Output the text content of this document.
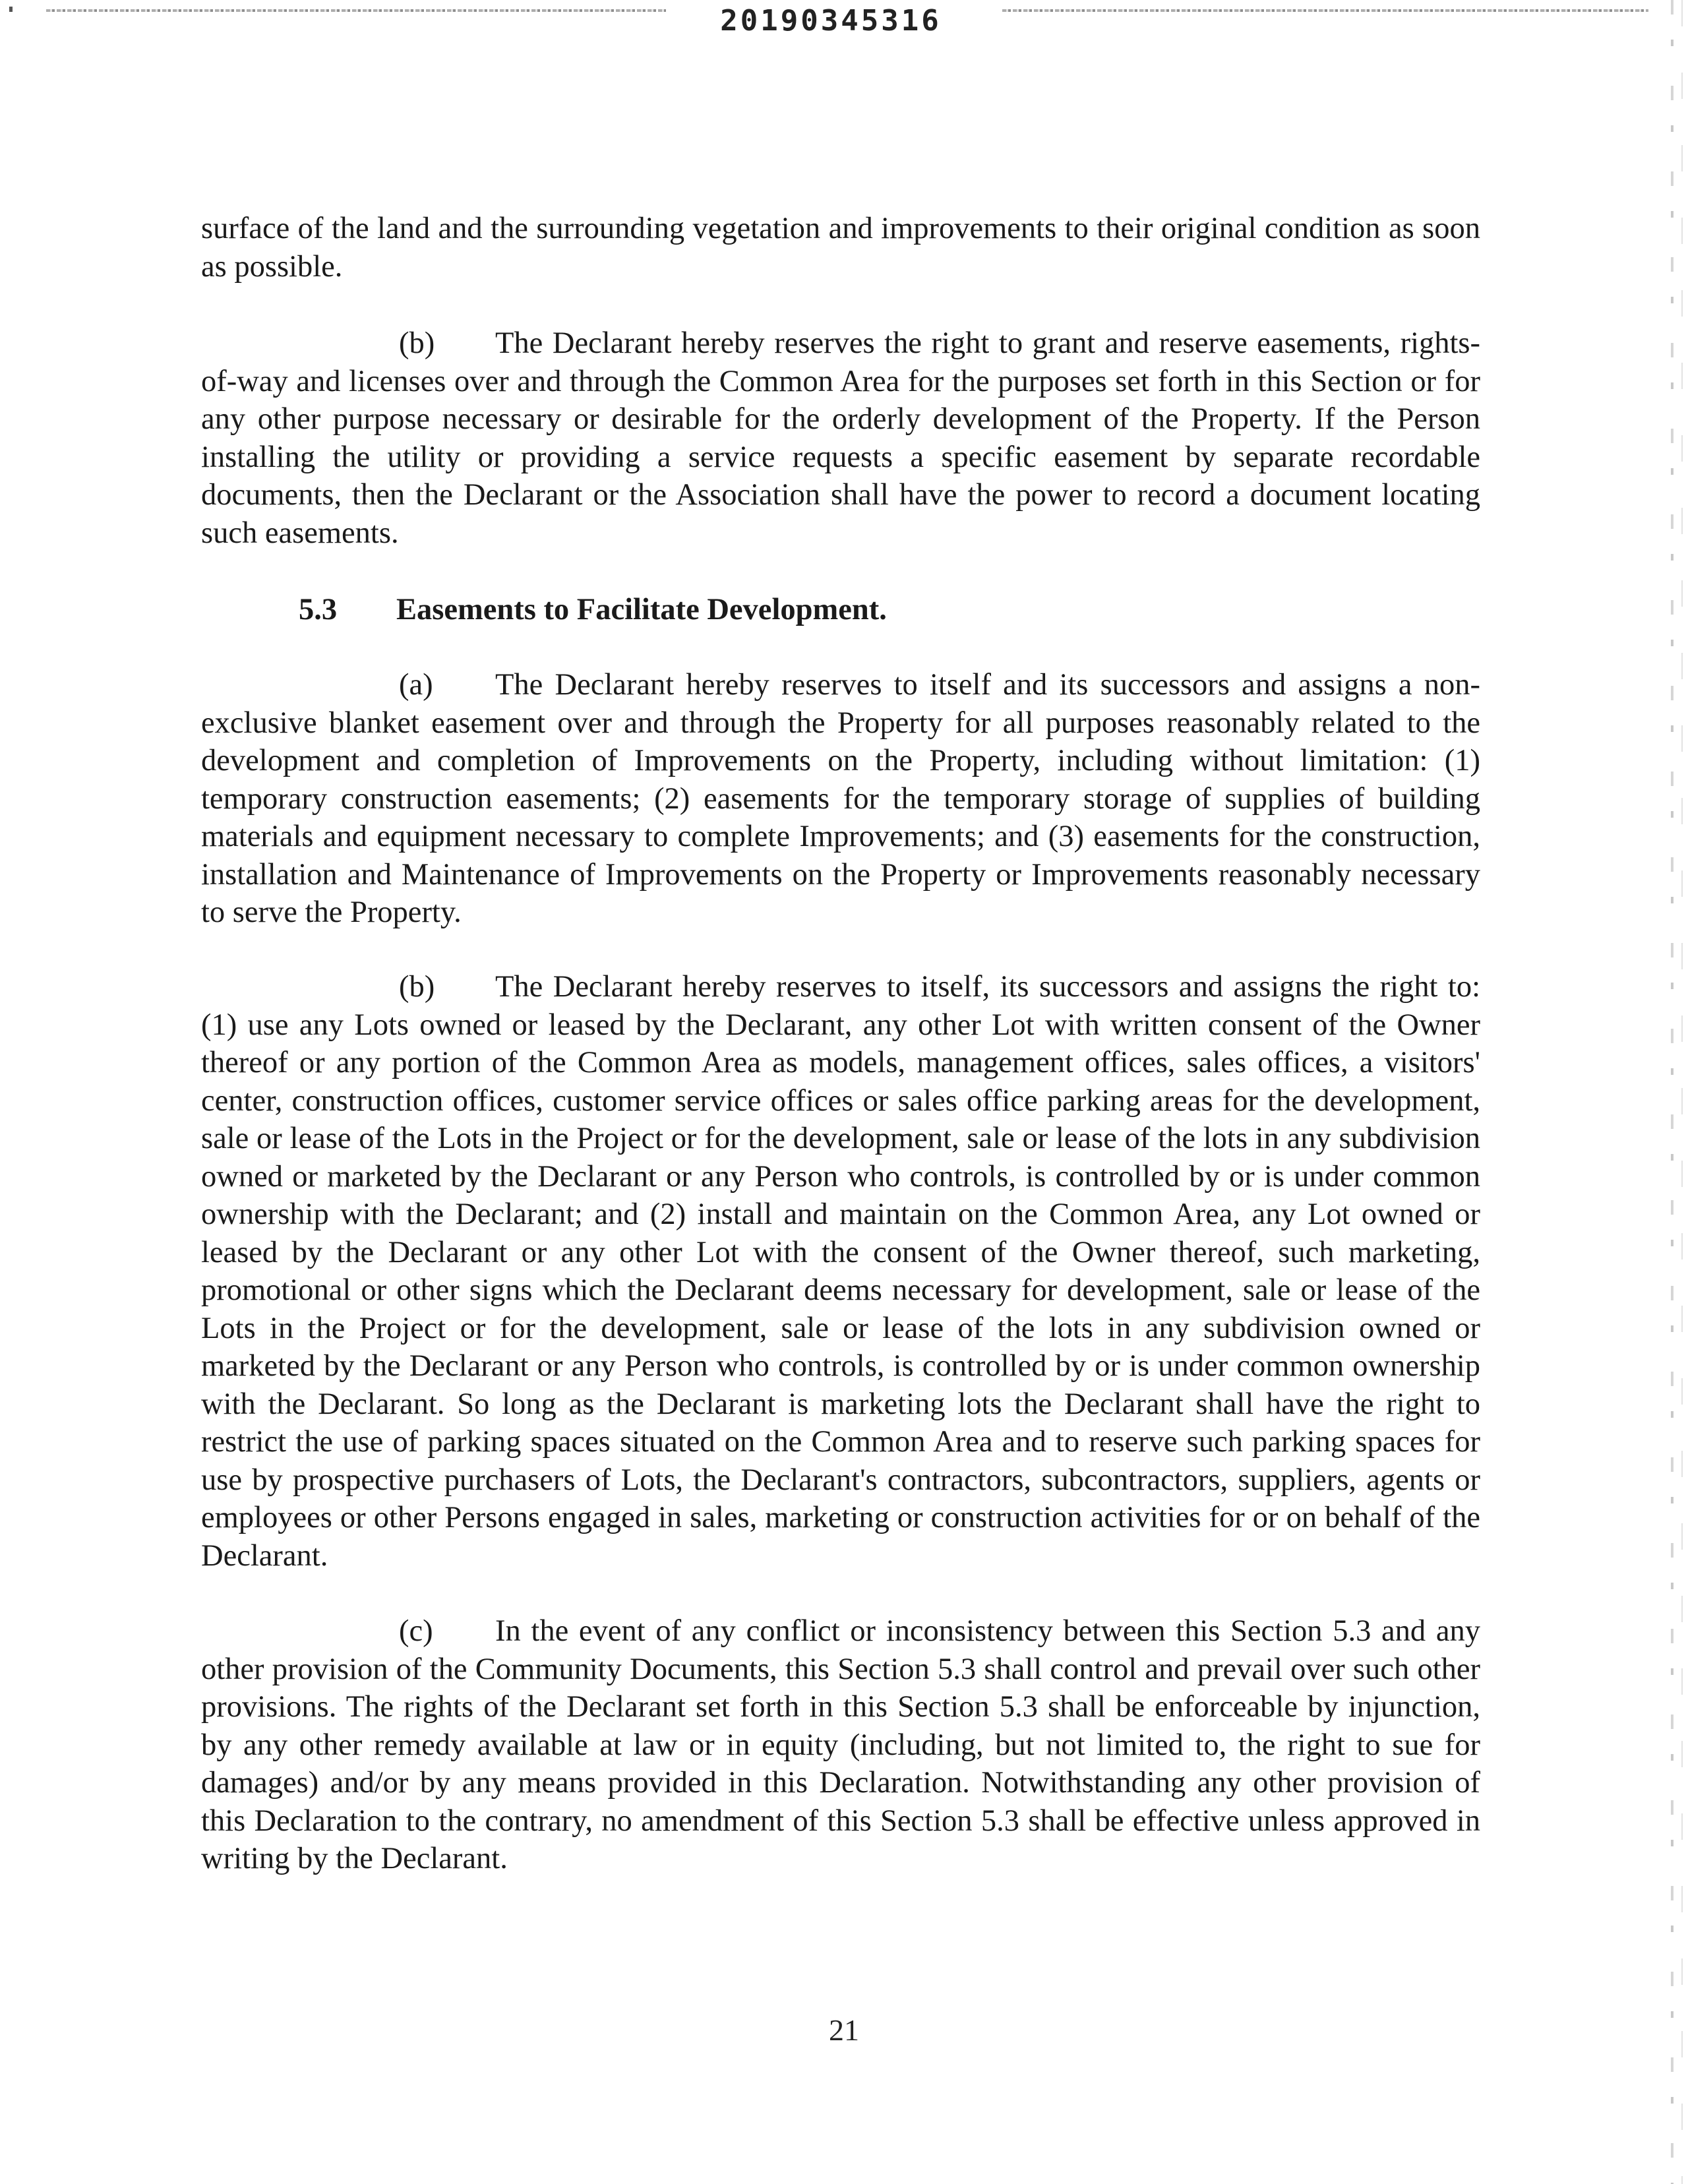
20190345316

surface of the land and the surrounding vegetation and improvements to their original condition as soon as possible.

(b) The Declarant hereby reserves the right to grant and reserve easements, rights-of-way and licenses over and through the Common Area for the purposes set forth in this Section or for any other purpose necessary or desirable for the orderly development of the Property. If the Person installing the utility or providing a service requests a specific easement by separate recordable documents, then the Declarant or the Association shall have the power to record a document locating such easements.

5.3 Easements to Facilitate Development.

(a) The Declarant hereby reserves to itself and its successors and assigns a non-exclusive blanket easement over and through the Property for all purposes reasonably related to the development and completion of Improvements on the Property, including without limitation: (1) temporary construction easements; (2) easements for the temporary storage of supplies of building materials and equipment necessary to complete Improvements; and (3) easements for the construction, installation and Maintenance of Improvements on the Property or Improvements reasonably necessary to serve the Property.

(b) The Declarant hereby reserves to itself, its successors and assigns the right to: (1) use any Lots owned or leased by the Declarant, any other Lot with written consent of the Owner thereof or any portion of the Common Area as models, management offices, sales offices, a visitors' center, construction offices, customer service offices or sales office parking areas for the development, sale or lease of the Lots in the Project or for the development, sale or lease of the lots in any subdivision owned or marketed by the Declarant or any Person who controls, is controlled by or is under common ownership with the Declarant; and (2) install and maintain on the Common Area, any Lot owned or leased by the Declarant or any other Lot with the consent of the Owner thereof, such marketing, promotional or other signs which the Declarant deems necessary for development, sale or lease of the Lots in the Project or for the development, sale or lease of the lots in any subdivision owned or marketed by the Declarant or any Person who controls, is controlled by or is under common ownership with the Declarant. So long as the Declarant is marketing lots the Declarant shall have the right to restrict the use of parking spaces situated on the Common Area and to reserve such parking spaces for use by prospective purchasers of Lots, the Declarant's contractors, subcontractors, suppliers, agents or employees or other Persons engaged in sales, marketing or construction activities for or on behalf of the Declarant.

(c) In the event of any conflict or inconsistency between this Section 5.3 and any other provision of the Community Documents, this Section 5.3 shall control and prevail over such other provisions. The rights of the Declarant set forth in this Section 5.3 shall be enforceable by injunction, by any other remedy available at law or in equity (including, but not limited to, the right to sue for damages) and/or by any means provided in this Declaration. Notwithstanding any other provision of this Declaration to the contrary, no amendment of this Section 5.3 shall be effective unless approved in writing by the Declarant.

21
